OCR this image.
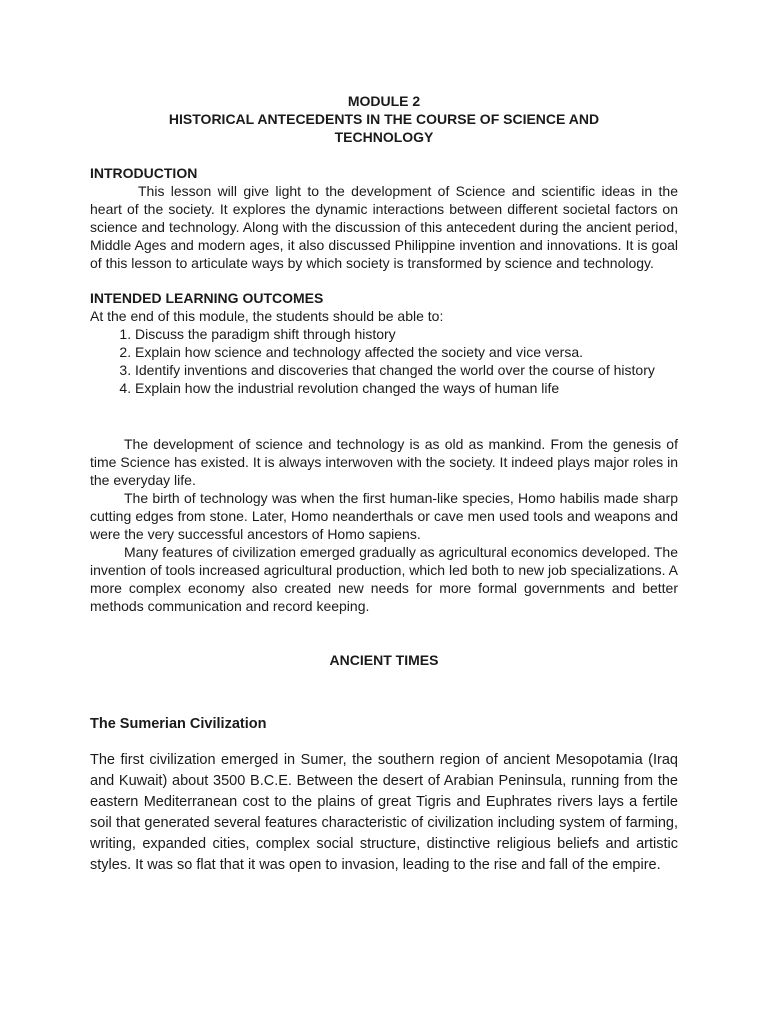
MODULE 2
HISTORICAL ANTECEDENTS IN THE COURSE OF SCIENCE AND
TECHNOLOGY
INTRODUCTION

This lesson will give light to the development of Science and scientific ideas in the heart of the society. It explores the dynamic interactions between different societal factors on science and technology. Along with the discussion of this antecedent during the ancient period, Middle Ages and modern ages, it also discussed Philippine invention and innovations. It is goal of this lesson to articulate ways by which society is transformed by science and technology.

INTENDED LEARNING OUTCOMES

At the end of this module, the students should be able to:

1. Discuss the paradigm shift through history
2. Explain how science and technology affected the society and vice versa.
3. Identify inventions and discoveries that changed the world over the course of history
4. Explain how the industrial revolution changed the ways of human life

The development of science and technology is as old as mankind. From the genesis of time Science has existed. It is always interwoven with the society. It indeed plays major roles in the everyday life.

The birth of technology was when the first human-like species, Homo habilis made sharp cutting edges from stone. Later, Homo neanderthals or cave men used tools and weapons and were the very successful ancestors of Homo sapiens.

Many features of civilization emerged gradually as agricultural economics developed. The invention of tools increased agricultural production, which led both to new job specializations. A more complex economy also created new needs for more formal governments and better methods communication and record keeping.

ANCIENT TIMES
The Sumerian Civilization

The first civilization emerged in Sumer, the southern region of ancient Mesopotamia (Iraq and Kuwait) about 3500 B.C.E. Between the desert of Arabian Peninsula, running from the eastern Mediterranean cost to the plains of great Tigris and Euphrates rivers lays a fertile soil that generated several features characteristic of civilization including system of farming, writing, expanded cities, complex social structure, distinctive religious beliefs and artistic styles. It was so flat that it was open to invasion, leading to the rise and fall of the empire.
